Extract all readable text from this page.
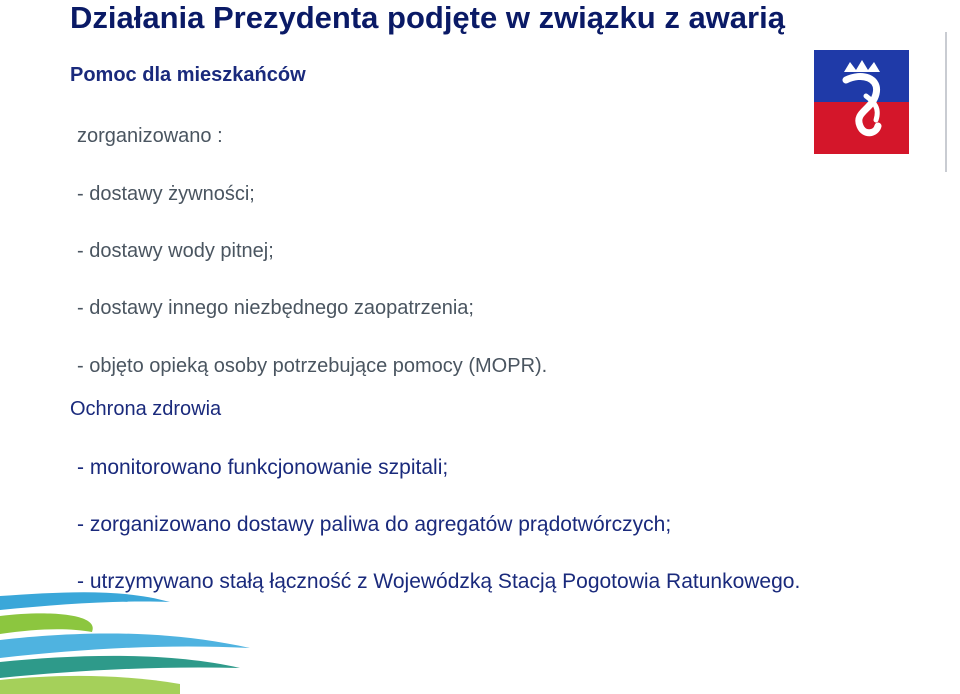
Działania Prezydenta podjęte w związku z awarią
Pomoc dla mieszkańców
zorganizowano :
- dostawy żywności;
- dostawy wody pitnej;
- dostawy innego niezbędnego zaopatrzenia;
- objęto opieką osoby potrzebujące pomocy (MOPR).
Ochrona zdrowia
- monitorowano funkcjonowanie szpitali;
- zorganizowano dostawy paliwa do agregatów prądotwórczych;
- utrzymywano stałą łączność z Wojewódzką Stacją Pogotowia Ratunkowego.
